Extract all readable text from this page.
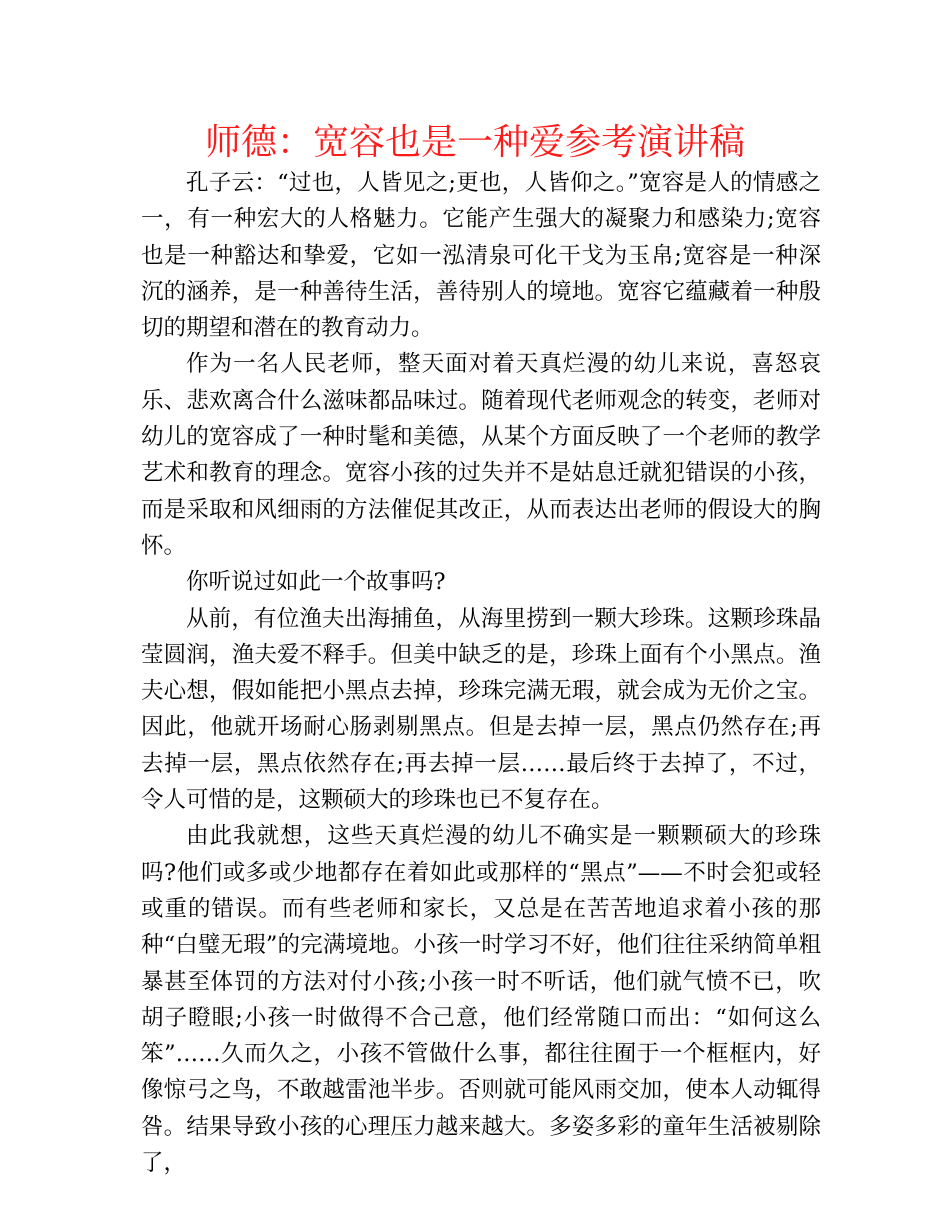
师德：宽容也是一种爱参考演讲稿

孔子云：“过也，人皆见之;更也，人皆仰之。”宽容是人的情感之一，有一种宏大的人格魅力。它能产生强大的凝聚力和感染力;宽容也是一种豁达和挚爱，它如一泓清泉可化干戈为玉帛;宽容是一种深沉的涵养，是一种善待生活，善待别人的境地。宽容它蕴藏着一种殷切的期望和潜在的教育动力。

作为一名人民老师，整天面对着天真烂漫的幼儿来说，喜怒哀乐、悲欢离合什么滋味都品味过。随着现代老师观念的转变，老师对幼儿的宽容成了一种时髦和美德，从某个方面反映了一个老师的教学艺术和教育的理念。宽容小孩的过失并不是姑息迁就犯错误的小孩，而是采取和风细雨的方法催促其改正，从而表达出老师的假设大的胸怀。

你听说过如此一个故事吗?

从前，有位渔夫出海捕鱼，从海里捞到一颗大珍珠。这颗珍珠晶莹圆润，渔夫爱不释手。但美中缺乏的是，珍珠上面有个小黑点。渔夫心想，假如能把小黑点去掉，珍珠完满无瑕，就会成为无价之宝。因此，他就开场耐心肠剥剔黑点。但是去掉一层，黑点仍然存在;再去掉一层，黑点依然存在;再去掉一层……最后终于去掉了，不过，令人可惜的是，这颗硕大的珍珠也已不复存在。

由此我就想，这些天真烂漫的幼儿不确实是一颗颗硕大的珍珠吗?他们或多或少地都存在着如此或那样的“黑点”——不时会犯或轻或重的错误。而有些老师和家长，又总是在苦苦地追求着小孩的那种“白璧无瑕”的完满境地。小孩一时学习不好，他们往往采纳简单粗暴甚至体罚的方法对付小孩;小孩一时不听话，他们就气愤不已，吹胡子瞪眼;小孩一时做得不合己意，他们经常随口而出：“如何这么笨”……久而久之，小孩不管做什么事，都往往囿于一个框框内，好像惊弓之鸟，不敢越雷池半步。否则就可能风雨交加，使本人动辄得咎。结果导致小孩的心理压力越来越大。多姿多彩的童年生活被剔除了，
